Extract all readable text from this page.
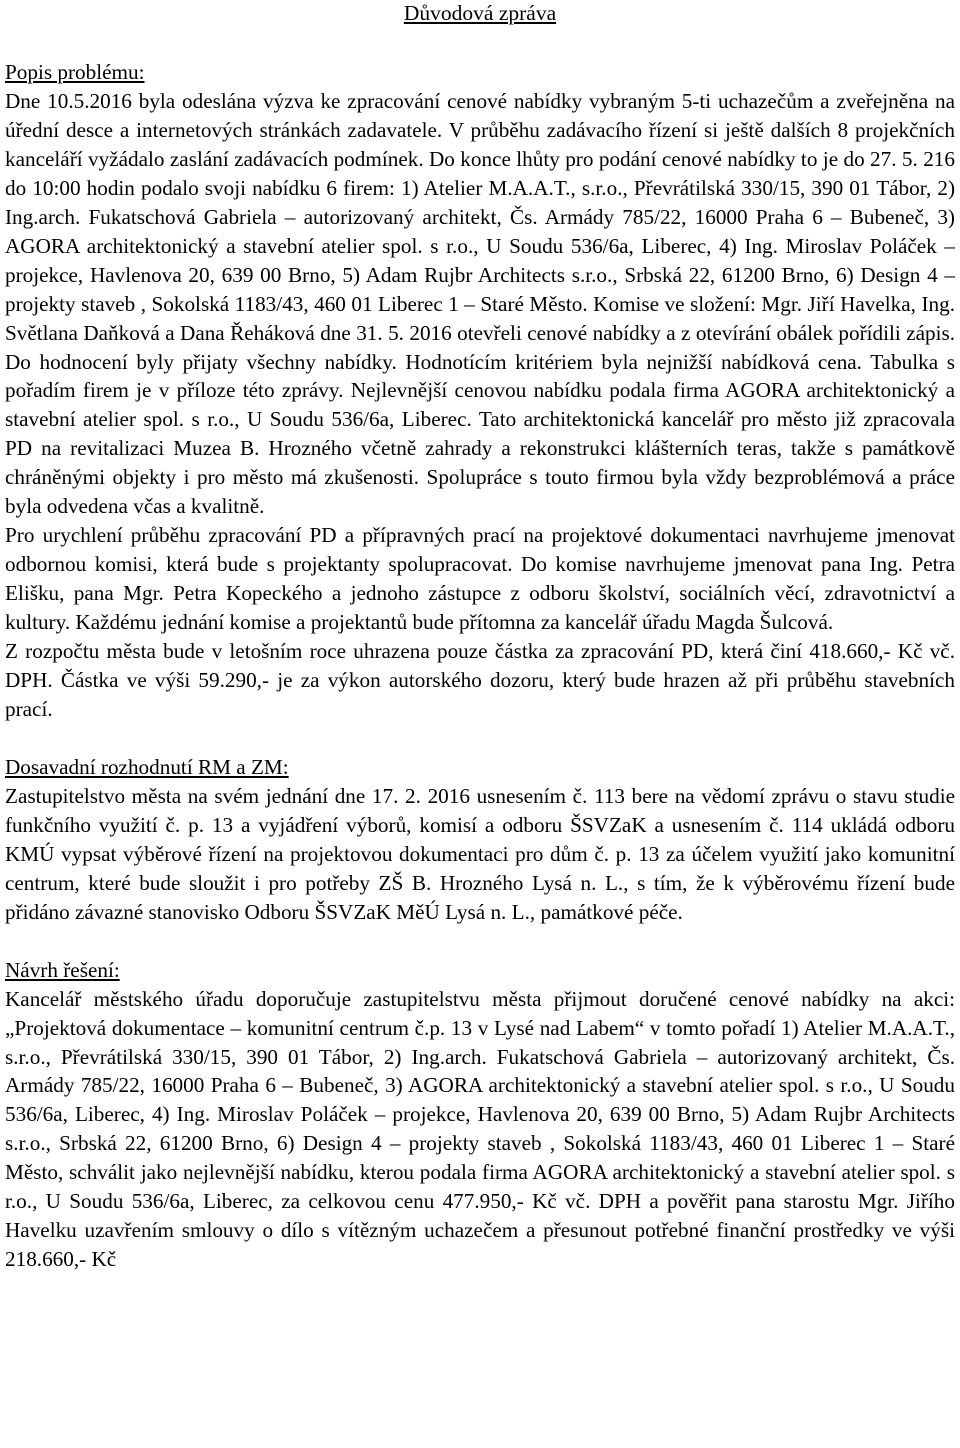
Důvodová zpráva
Popis problému:

Dne 10.5.2016 byla odeslána výzva ke zpracování cenové nabídky vybraným 5-ti uchazečům a zveřejněna na úřední desce a internetových stránkách zadavatele. V průběhu zadávacího řízení si ještě dalších 8 projekčních kanceláří vyžádalo zaslání zadávacích podmínek. Do konce lhůty pro podání cenové nabídky to je do 27. 5. 216 do 10:00 hodin podalo svoji nabídku 6 firem: 1) Atelier M.A.A.T., s.r.o., Převrátilská 330/15, 390 01 Tábor, 2) Ing.arch. Fukatschová Gabriela – autorizovaný architekt, Čs. Armády 785/22, 16000 Praha 6 – Bubeneč, 3) AGORA architektonický a stavební atelier spol. s r.o., U Soudu 536/6a, Liberec, 4) Ing. Miroslav Poláček – projekce, Havlenova 20, 639 00 Brno, 5) Adam Rujbr Architects s.r.o., Srbská 22, 61200 Brno, 6) Design 4 – projekty staveb , Sokolská 1183/43, 460 01 Liberec 1 – Staré Město. Komise ve složení: Mgr. Jiří Havelka, Ing. Světlana Daňková a Dana Řeháková dne 31. 5. 2016 otevřeli cenové nabídky a z otevírání obálek pořídili zápis. Do hodnocení byly přijaty všechny nabídky. Hodnotícím kritériem byla nejnižší nabídková cena. Tabulka s pořadím firem je v příloze této zprávy. Nejlevnější cenovou nabídku podala firma AGORA architektonický a stavební atelier spol. s r.o., U Soudu 536/6a, Liberec. Tato architektonická kancelář pro město již zpracovala PD na revitalizaci Muzea B. Hrozného včetně zahrady a rekonstrukci klášterních teras, takže s památkově chráněnými objekty i pro město má zkušenosti. Spolupráce s touto firmou byla vždy bezproblémová a práce byla odvedena včas a kvalitně.

Pro urychlení průběhu zpracování PD a přípravných prací na projektové dokumentaci navrhujeme jmenovat odbornou komisi, která bude s projektanty spolupracovat. Do komise navrhujeme jmenovat pana Ing. Petra Elišku, pana Mgr. Petra Kopeckého a jednoho zástupce z odboru školství, sociálních věcí, zdravotnictví a kultury. Každému jednání komise a projektantů bude přítomna za kancelář úřadu Magda Šulcová.

Z rozpočtu města bude v letošním roce uhrazena pouze částka za zpracování PD, která činí 418.660,- Kč vč. DPH. Částka ve výši 59.290,- je za výkon autorského dozoru, který bude hrazen až při průběhu stavebních prací.

Dosavadní rozhodnutí RM a ZM:

Zastupitelstvo města na svém jednání dne 17. 2. 2016 usnesením č. 113 bere na vědomí zprávu o stavu studie funkčního využití č. p. 13 a vyjádření výborů, komisí a odboru ŠSVZaK a usnesením č. 114 ukládá odboru KMÚ vypsat výběrové řízení na projektovou dokumentaci pro dům č. p. 13 za účelem využití jako komunitní centrum, které bude sloužit i pro potřeby ZŠ B. Hrozného Lysá n. L., s tím, že k výběrovému řízení bude přidáno závazné stanovisko Odboru ŠSVZaK MěÚ Lysá n. L., památkové péče.

Návrh řešení:

Kancelář městského úřadu doporučuje zastupitelstvu města přijmout doručené cenové nabídky na akci: „Projektová dokumentace – komunitní centrum č.p. 13 v Lysé nad Labem“ v tomto pořadí 1) Atelier M.A.A.T., s.r.o., Převrátilská 330/15, 390 01 Tábor, 2) Ing.arch. Fukatschová Gabriela – autorizovaný architekt, Čs. Armády 785/22, 16000 Praha 6 – Bubeneč, 3) AGORA architektonický a stavební atelier spol. s r.o., U Soudu 536/6a, Liberec, 4) Ing. Miroslav Poláček – projekce, Havlenova 20, 639 00 Brno, 5) Adam Rujbr Architects s.r.o., Srbská 22, 61200 Brno, 6) Design 4 – projekty staveb , Sokolská 1183/43, 460 01 Liberec 1 – Staré Město, schválit jako nejlevnější nabídku, kterou podala firma AGORA architektonický a stavební atelier spol. s r.o., U Soudu 536/6a, Liberec, za celkovou cenu 477.950,- Kč vč. DPH a pověřit pana starostu Mgr. Jiřího Havelku uzavřením smlouvy o dílo s vítězným uchazečem a přesunout potřebné finanční prostředky ve výši 218.660,- Kč
